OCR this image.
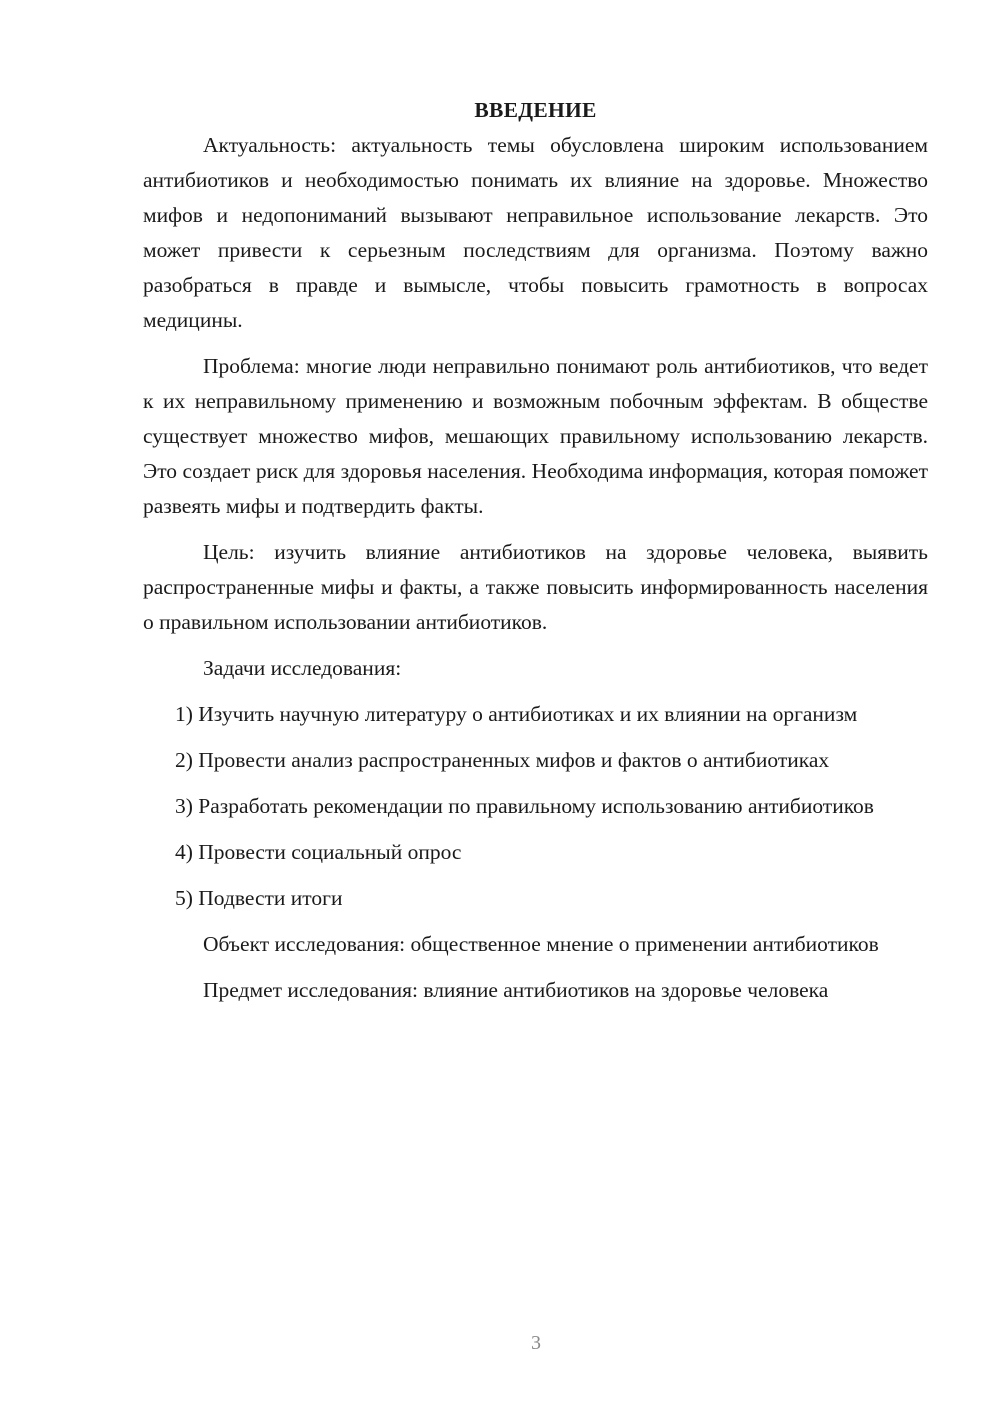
ВВЕДЕНИЕ

Актуальность: актуальность темы обусловлена широким использованием антибиотиков и необходимостью понимать их влияние на здоровье. Множество мифов и недопониманий вызывают неправильное использование лекарств. Это может привести к серьезным последствиям для организма. Поэтому важно разобраться в правде и вымысле, чтобы повысить грамотность в вопросах медицины.

Проблема: многие люди неправильно понимают роль антибиотиков, что ведет к их неправильному применению и возможным побочным эффектам. В обществе существует множество мифов, мешающих правильному использованию лекарств. Это создает риск для здоровья населения. Необходима информация, которая поможет развеять мифы и подтвердить факты.

Цель: изучить влияние антибиотиков на здоровье человека, выявить распространенные мифы и факты, а также повысить информированность населения о правильном использовании антибиотиков.

Задачи исследования:

1) Изучить научную литературу о антибиотиках и их влиянии на организм

2) Провести анализ распространенных мифов и фактов о антибиотиках

3) Разработать рекомендации по правильному использованию антибиотиков

4) Провести социальный опрос

5) Подвести итоги

Объект исследования: общественное мнение о применении антибиотиков

Предмет исследования: влияние антибиотиков на здоровье человека

3
